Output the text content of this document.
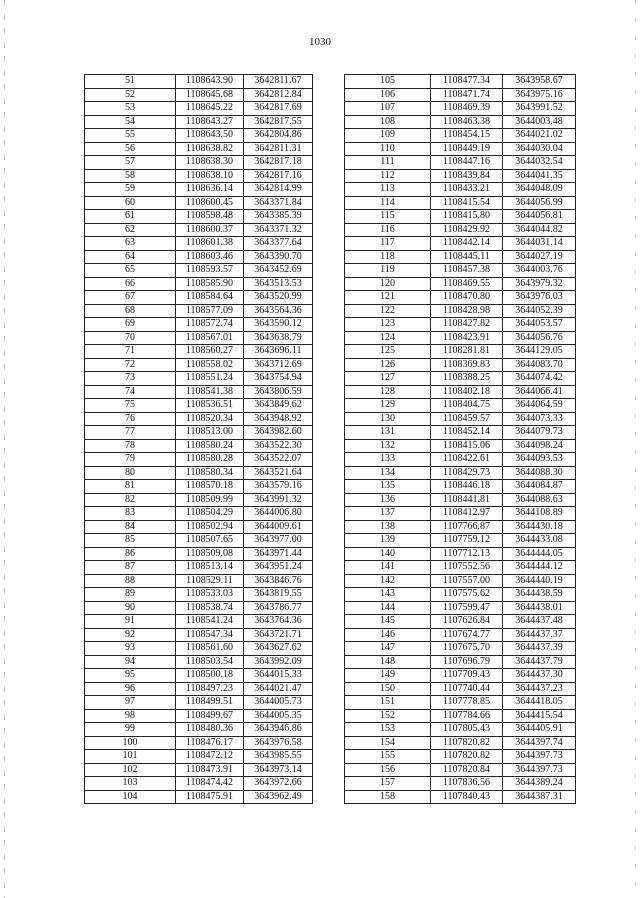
1030
51	1108643.90	3642811.67
52	1108645.68	3642812.84
53	1108645.22	3642817.69
54	1108643.27	3642817.55
55	1108643.50	3642804.86
56	1108638.82	3642811.31
57	1108638.30	3642817.18
58	1108638.10	3642817.16
59	1108636.14	3642814.99
60	1108600.45	3643371.84
61	1108598.48	3643385.39
62	1108600.37	3643371.32
63	1108601.38	3643377.64
64	1108603.46	3643390.70
65	1108593.57	3643452.69
66	1108585.90	3643513.53
67	1108584.64	3643520.99
68	1108577.09	3643564.36
69	1108572.74	3643590.12
70	1108567.01	3643638.79
71	1108560.27	3643696.11
72	1108558.02	3643712.69
73	1108551.24	3643754.94
74	1108541.38	3643806.59
75	1108536.51	3643849.62
76	1108520.34	3643948.92
77	1108513.00	3643982.60
78	1108580.24	3643522.30
79	1108580.28	3643522.07
80	1108580.34	3643521.64
81	1108570.18	3643579.16
82	1108509.99	3643991.32
83	1108504.29	3644006.80
84	1108502.94	3644009.61
85	1108507.65	3643977.00
86	1108509.08	3643971.44
87	1108513.14	3643951.24
88	1108529.11	3643846.76
89	1108533.03	3643819.55
90	1108538.74	3643786.77
91	1108541.24	3643764.36
92	1108547.34	3643721.71
93	1108561.60	3643627.62
94	1108503.54	3643992.09
95	1108500.18	3644015.33
96	1108497.23	3644021.47
97	1108499.51	3644005.73
98	1108499.67	3644005.35
99	1108480.36	3643946.86
100	1108476.17	3643976.58
101	1108472.12	3643985.55
102	1108473.91	3643973.14
103	1108474.42	3643972.66
104	1108475.91	3643962.49
105	1108477.34	3643958.67
106	1108471.74	3643975.16
107	1108469.39	3643991.52
108	1108463.38	3644003.48
109	1108454.15	3644021.02
110	1108449.19	3644030.04
111	1108447.16	3644032.54
112	1108439.84	3644041.35
113	1108433.21	3644048.09
114	1108415.54	3644056.99
115	1108415.80	3644056.81
116	1108429.92	3644044.82
117	1108442.14	3644031.14
118	1108445.11	3644027.19
119	1108457.38	3644003.76
120	1108469.55	3643979.32
121	1108470.80	3643976.03
122	1108428.98	3644052.39
123	1108427.82	3644053.57
124	1108423.91	3644056.76
125	1108281.81	3644129.05
126	1108369.83	3644083.70
127	1108388.25	3644074.42
128	1108402.18	3644066.41
129	1108404.75	3644064.59
130	1108459.57	3644073.33
131	1108452.14	3644079.73
132	1108415.06	3644098.24
133	1108422.61	3644093.53
134	1108429.73	3644088.30
135	1108446.18	3644084.87
136	1108441.81	3644088.63
137	1108412.97	3644108.89
138	1107766.87	3644430.18
139	1107759.12	3644433.08
140	1107712.13	3644444.05
141	1107552.56	3644444.12
142	1107557.00	3644440.19
143	1107575.62	3644438.59
144	1107599.47	3644438.01
145	1107626.84	3644437.48
146	1107674.77	3644437.37
147	1107675.70	3644437.39
148	1107696.79	3644437.79
149	1107709.43	3644437.30
150	1107740.44	3644437.23
151	1107778.85	3644418.05
152	1107784.66	3644415.54
153	1107805.43	3644405.91
154	1107820.82	3644397.74
155	1107820.82	3644397.73
156	1107820.84	3644397.73
157	1107836.56	3644389.24
158	1107840.43	3644387.31
